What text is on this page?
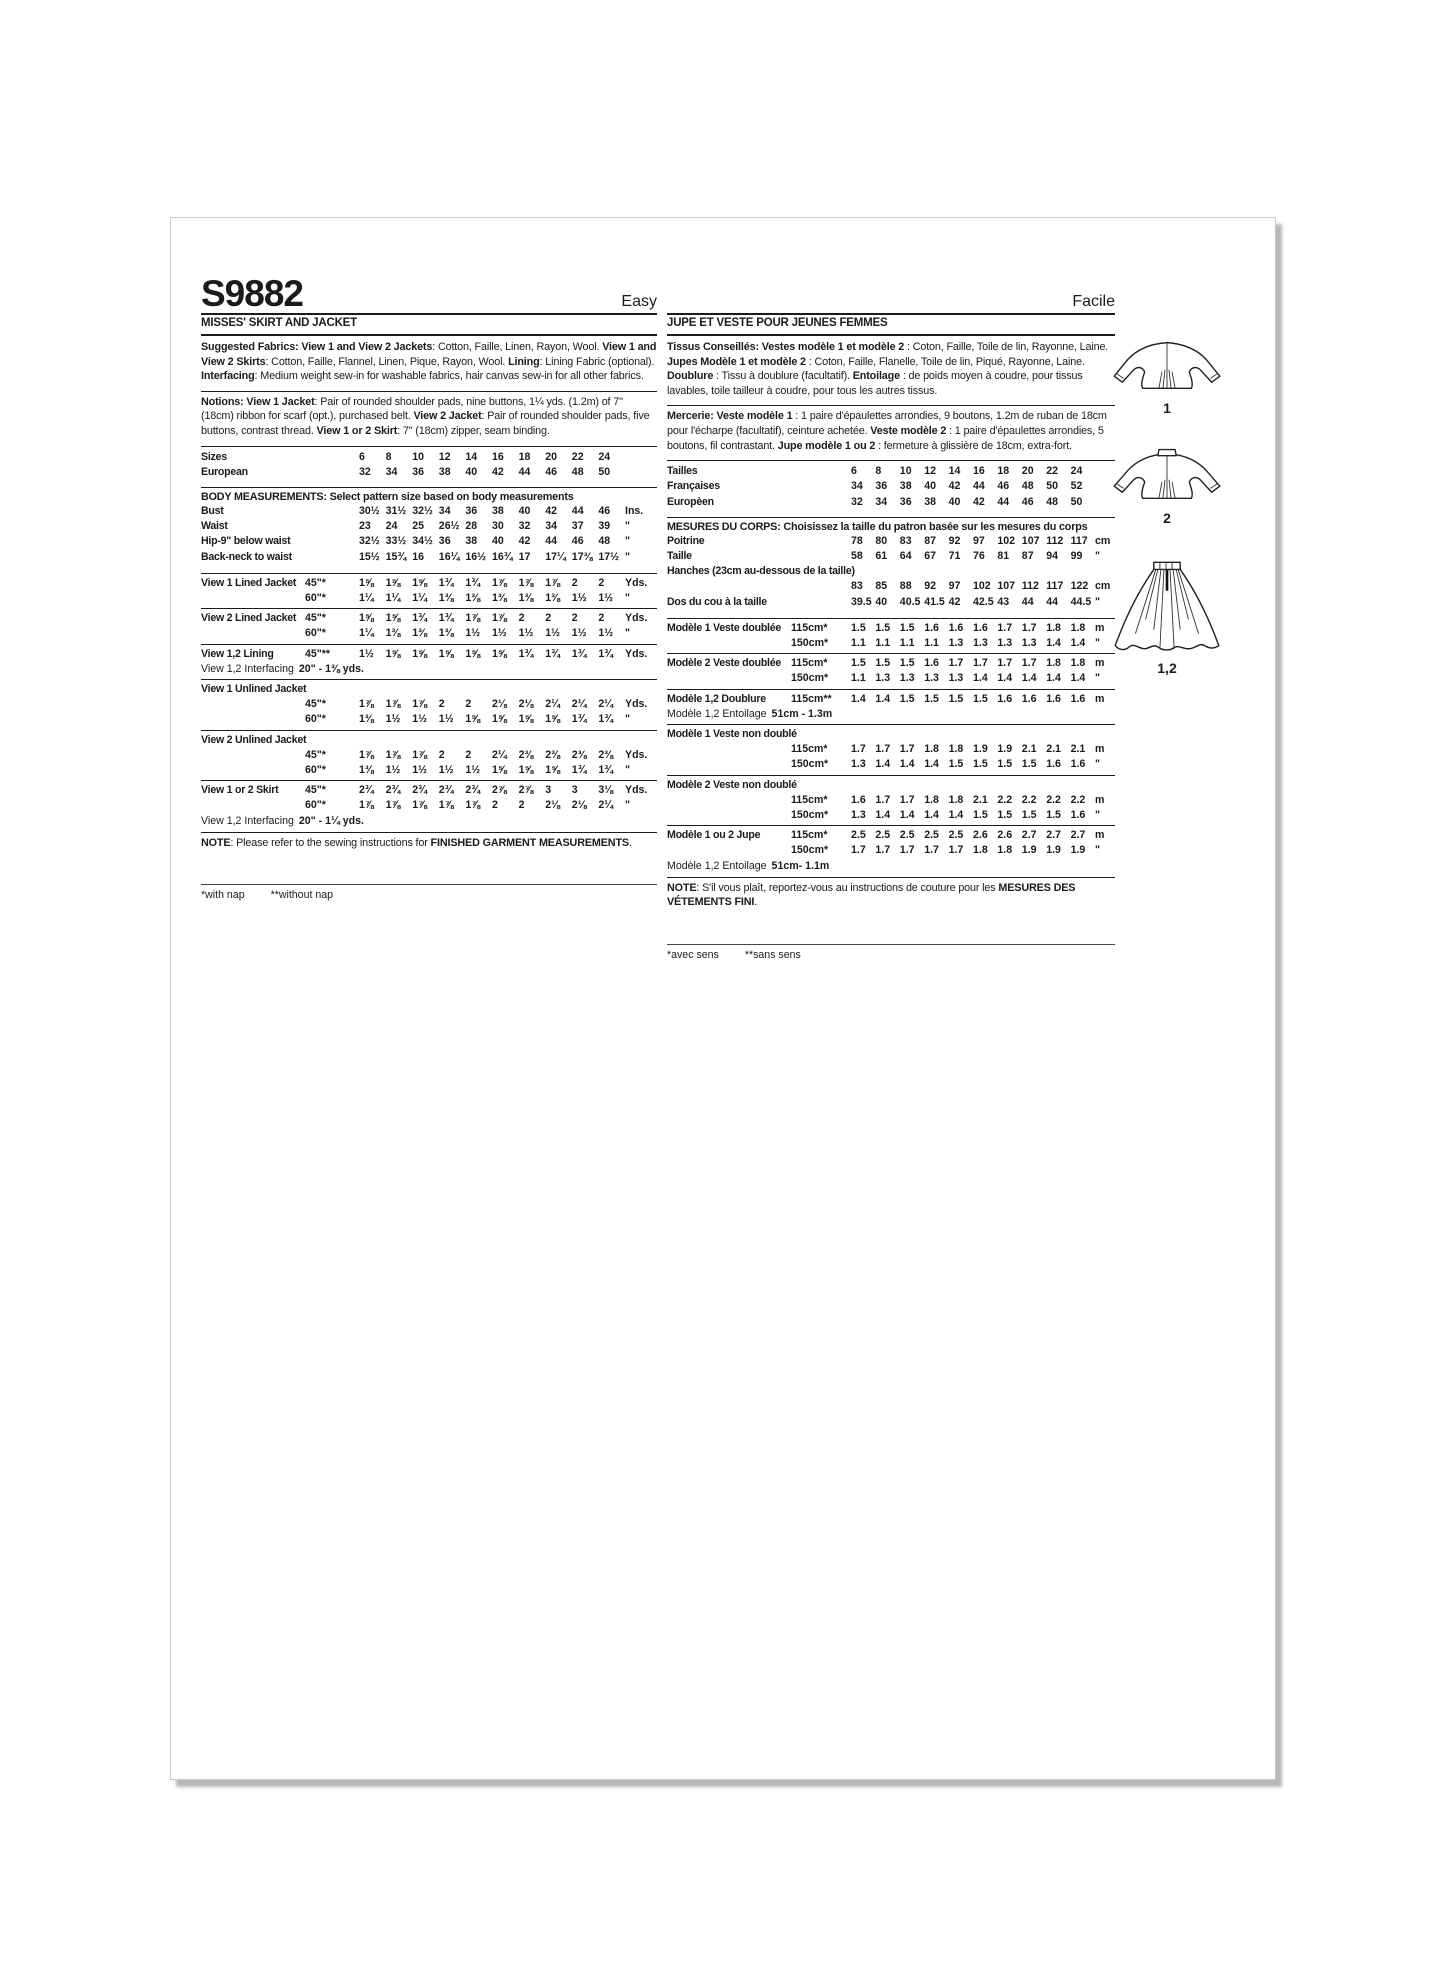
S9882	Easy
MISSES' SKIRT AND JACKET
Suggested Fabrics: View 1 and View 2 Jackets: Cotton, Faille, Linen, Rayon, Wool. View 1 and View 2 Skirts: Cotton, Faille, Flannel, Linen, Pique, Rayon, Wool. Lining: Lining Fabric (optional). Interfacing: Medium weight sew-in for washable fabrics, hair canvas sew-in for all other fabrics.
Notions: View 1 Jacket: Pair of rounded shoulder pads, nine buttons, 1¼ yds. (1.2m) of 7" (18cm) ribbon for scarf (opt.), purchased belt. View 2 Jacket: Pair of rounded shoulder pads, five buttons, contrast thread. View 1 or 2 Skirt: 7" (18cm) zipper, seam binding.
Sizes	6	8	10	12	14	16	18	20	22	24
European	32	34	36	38	40	42	44	46	48	50
BODY MEASUREMENTS: Select pattern size based on body measurements
Bust	30½ 31½ 32½ 34	36	38	40	42	44	46	Ins.
Waist	23	24	25	26½ 28	30	32	34	37	39	"
Hip-9" below waist	32½ 33½ 34½ 36	38	40	42	44	46	48	"
Back-neck to waist	15½ 15¾ 16	16¼ 16½ 16¾ 17	17¼ 17⅜ 17½ "
View 1 Lined Jacket 45"*	1⅝	1⅝	1⅝	1¾	1¾	1⅞	1⅞	1⅞	2	2	Yds.
60"*	1¼	1¼	1¼	1⅜	1⅜	1⅜	1⅜	1⅜	1½	1½	"
View 2 Lined Jacket 45"*	1⅝	1⅝	1¾	1¾	1⅞	1⅞	2	2	2	2	Yds.
60"*	1¼	1⅜	1⅜	1⅜	1½	1½	1½	1½	1½	1½	"
View 1,2 Lining	45"**	1½	1⅝	1⅝	1⅝	1⅝	1⅝	1¾	1¾	1¾	1¾	Yds.
View 1,2 Interfacing 20" - 1⅜ yds.
View 1 Unlined Jacket
45"*	1⅞	1⅞	1⅞	2	2	2⅛	2⅛	2¼	2¼	2¼	Yds.
60"*	1⅜	1½	1½	1½	1⅝	1⅝	1⅝	1⅝	1¾	1¾	"
View 2 Unlined Jacket
45"*	1⅞	1⅞	1⅞	2	2	2¼	2⅜	2⅜	2⅜	2⅜	Yds.
60"*	1⅜	1½	1½	1½	1½	1⅝	1⅝	1⅝	1¾	1¾	"
View 1 or 2 Skirt	45"*	2¾	2¾	2¾	2¾	2¾	2⅞	2⅞	3	3	3⅛	Yds.
60"*	1⅞	1⅞	1⅞	1⅞	1⅞	2	2	2⅛	2⅛	2¼	"
View 1,2 Interfacing 20" - 1¼ yds.
NOTE: Please refer to the sewing instructions for FINISHED GARMENT MEASUREMENTS.
*with nap **without nap
Facile
JUPE ET VESTE POUR JEUNES FEMMES
Tissus Conseillés: Vestes modèle 1 et modèle 2 : Coton, Faille, Toile de lin, Rayonne, Laine. Jupes Modèle 1 et modèle 2 : Coton, Faille, Flanelle, Toile de lin, Piqué, Rayonne, Laine. Doublure : Tissu à doublure (facultatif). Entoilage : de poids moyen à coudre, pour tissus lavables, toile tailleur à coudre, pour tous les autres tissus.
Mercerie: Veste modèle 1 : 1 paire d'épaulettes arrondies, 9 boutons, 1.2m de ruban de 18cm pour l'écharpe (facultatif), ceinture achetée. Veste modèle 2 : 1 paire d'épaulettes arrondies, 5 boutons, fil contrastant. Jupe modèle 1 ou 2 : fermeture à glissière de 18cm, extra-fort.
Tailles	6	8	10	12	14	16	18	20	22	24
Françaises	34	36	38	40	42	44	46	48	50	52
Europèen	32	34	36	38	40	42	44	46	48	50
MESURES DU CORPS: Choisissez la taille du patron basée sur les mesures du corps
Poitrine	78	80	83	87	92	97	102 107 112 117 cm
Taille	58	61	64	67	71	76	81	87	94	99	"
Hanches (23cm au-dessous de la taille)
83	85	88	92	97	102 107 112 117 122 cm
Dos du cou à la taille	39.5 40	40.5 41.5 42	42.5 43	44	44	44.5 "
Modèle 1 Veste doublée 115cm*	1.5 1.5 1.5 1.6 1.6 1.6 1.7 1.7 1.8 1.8 m
150cm*	1.1 1.1 1.1 1.1 1.3 1.3 1.3 1.3 1.4 1.4 "
Modèle 2 Veste doublée 115cm*	1.5 1.5 1.5 1.6 1.7 1.7 1.7 1.7 1.8 1.8 m
150cm*	1.1 1.3 1.3 1.3 1.3 1.4 1.4 1.4 1.4 1.4 "
Modèle 1,2 Doublure	115cm**	1.4 1.4 1.5 1.5 1.5 1.5 1.6 1.6 1.6 1.6 m
Modèle 1,2 Entoilage 51cm - 1.3m
Modèle 1 Veste non doublé
115cm*	1.7 1.7 1.7 1.8 1.8 1.9 1.9 2.1 2.1 2.1 m
150cm*	1.3 1.4 1.4 1.4 1.5 1.5 1.5 1.5 1.6 1.6 "
Modèle 2 Veste non doublé
115cm*	1.6 1.7 1.7 1.8 1.8 2.1 2.2 2.2 2.2 2.2 m
150cm*	1.3 1.4 1.4 1.4 1.4 1.5 1.5 1.5 1.5 1.6 "
Modèle 1 ou 2 Jupe	115cm*	2.5 2.5 2.5 2.5 2.5 2.6 2.6 2.7 2.7 2.7 m
150cm*	1.7 1.7 1.7 1.7 1.7 1.8 1.8 1.9 1.9 1.9 "
Modèle 1,2 Entoilage 51cm- 1.1m
NOTE: S'il vous plaît, reportez-vous au instructions de couture pour les MESURES DES VÉTEMENTS FINI.
*avec sens **sans sens
1
2
1,2
